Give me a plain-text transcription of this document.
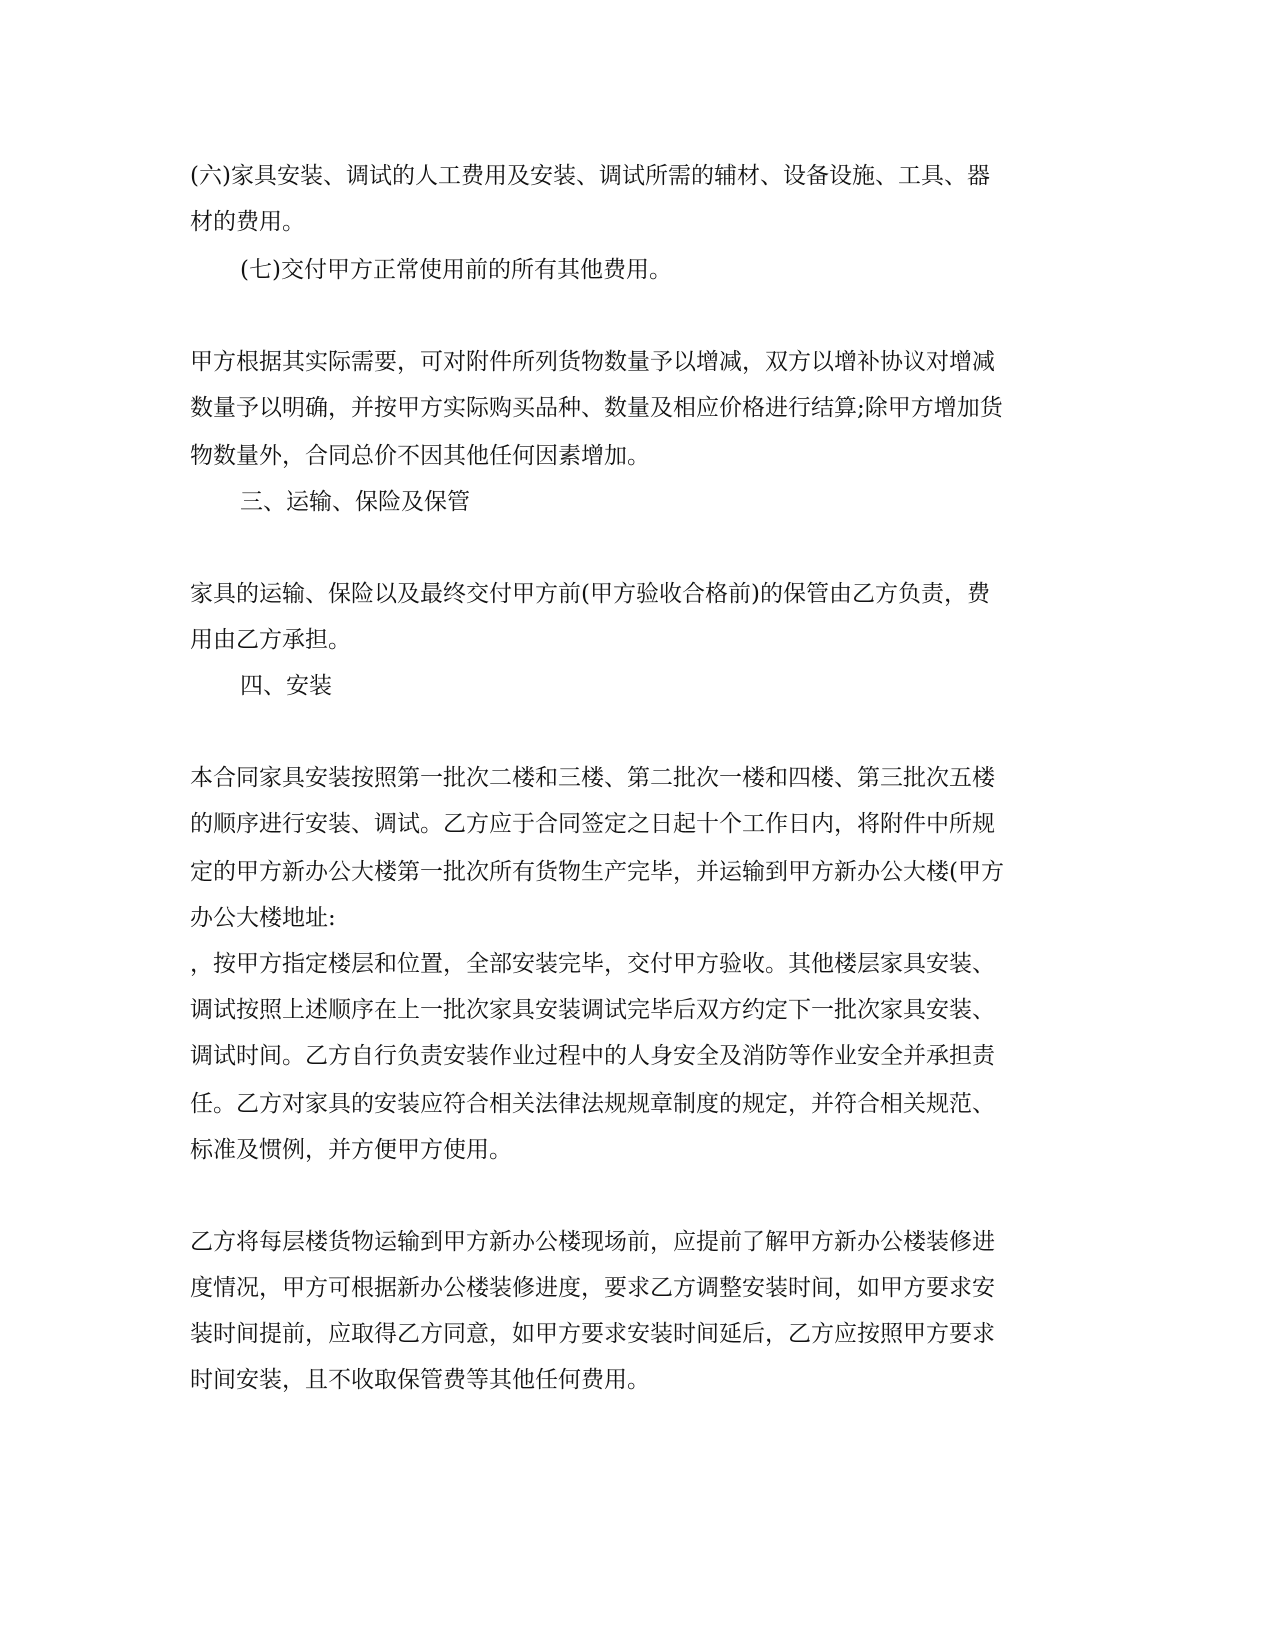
(六)家具安装、调试的人工费用及安装、调试所需的辅材、设备设施、工具、器
材的费用。
(七)交付甲方正常使用前的所有其他费用。
甲方根据其实际需要，可对附件所列货物数量予以增减，双方以增补协议对增减
数量予以明确，并按甲方实际购买品种、数量及相应价格进行结算;除甲方增加货
物数量外，合同总价不因其他任何因素增加。
三、运输、保险及保管
家具的运输、保险以及最终交付甲方前(甲方验收合格前)的保管由乙方负责，费
用由乙方承担。
四、安装
本合同家具安装按照第一批次二楼和三楼、第二批次一楼和四楼、第三批次五楼
的顺序进行安装、调试。乙方应于合同签定之日起十个工作日内，将附件中所规
定的甲方新办公大楼第一批次所有货物生产完毕，并运输到甲方新办公大楼(甲方
办公大楼地址:
，按甲方指定楼层和位置，全部安装完毕，交付甲方验收。其他楼层家具安装、
调试按照上述顺序在上一批次家具安装调试完毕后双方约定下一批次家具安装、
调试时间。乙方自行负责安装作业过程中的人身安全及消防等作业安全并承担责
任。乙方对家具的安装应符合相关法律法规规章制度的规定，并符合相关规范、
标准及惯例，并方便甲方使用。
乙方将每层楼货物运输到甲方新办公楼现场前，应提前了解甲方新办公楼装修进
度情况，甲方可根据新办公楼装修进度，要求乙方调整安装时间，如甲方要求安
装时间提前，应取得乙方同意，如甲方要求安装时间延后，乙方应按照甲方要求
时间安装，且不收取保管费等其他任何费用。
